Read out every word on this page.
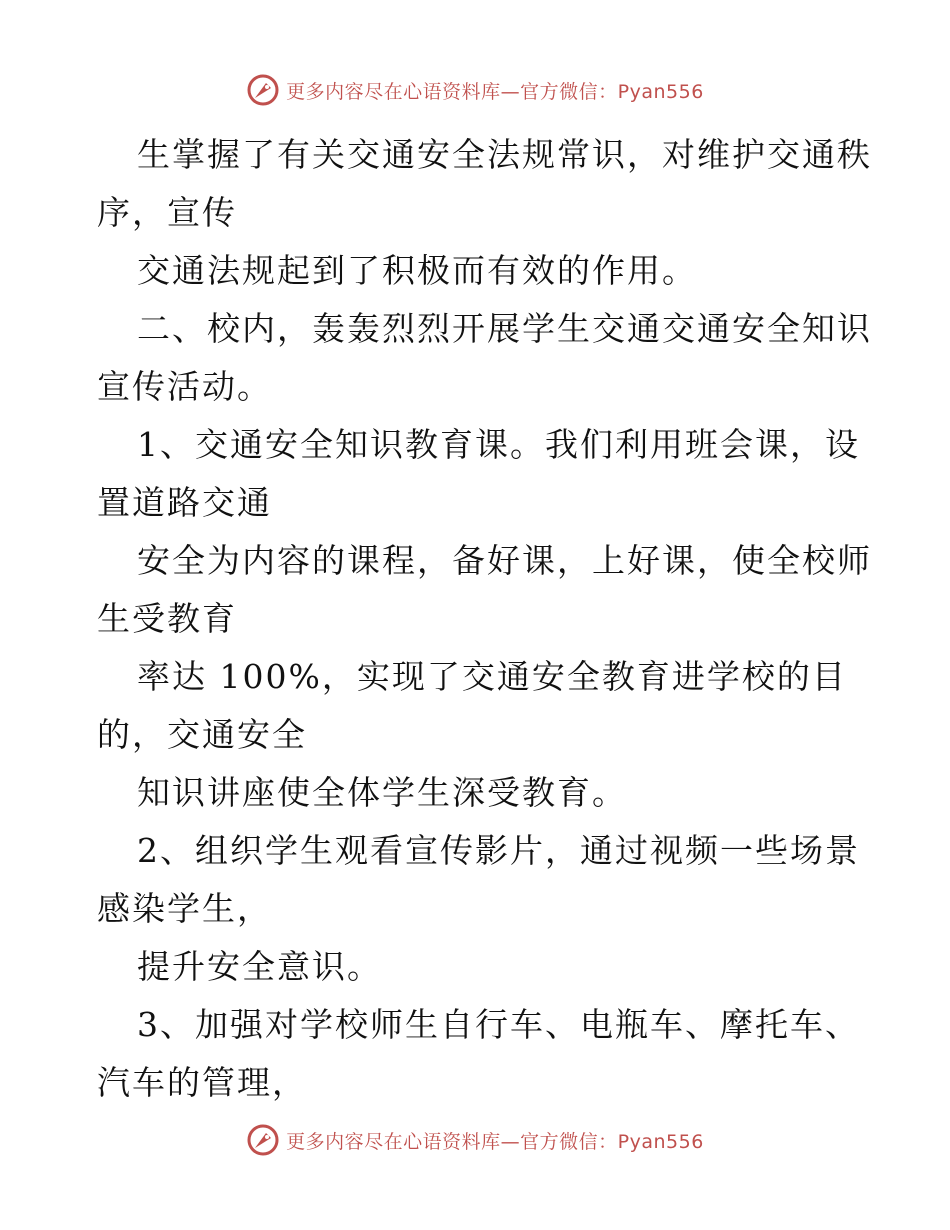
更多内容尽在心语资料库—官方微信：Pyan556
生掌握了有关交通安全法规常识，对维护交通秩
序，宣传
交通法规起到了积极而有效的作用。
二、校内，轰轰烈烈开展学生交通交通安全知识
宣传活动。
1、交通安全知识教育课。我们利用班会课，设
置道路交通
安全为内容的课程，备好课，上好课，使全校师
生受教育
率达 100%，实现了交通安全教育进学校的目
的，交通安全
知识讲座使全体学生深受教育。
2、组织学生观看宣传影片，通过视频一些场景
感染学生，
提升安全意识。
3、加强对学校师生自行车、电瓶车、摩托车、
汽车的管理，
更多内容尽在心语资料库—官方微信：Pyan556
